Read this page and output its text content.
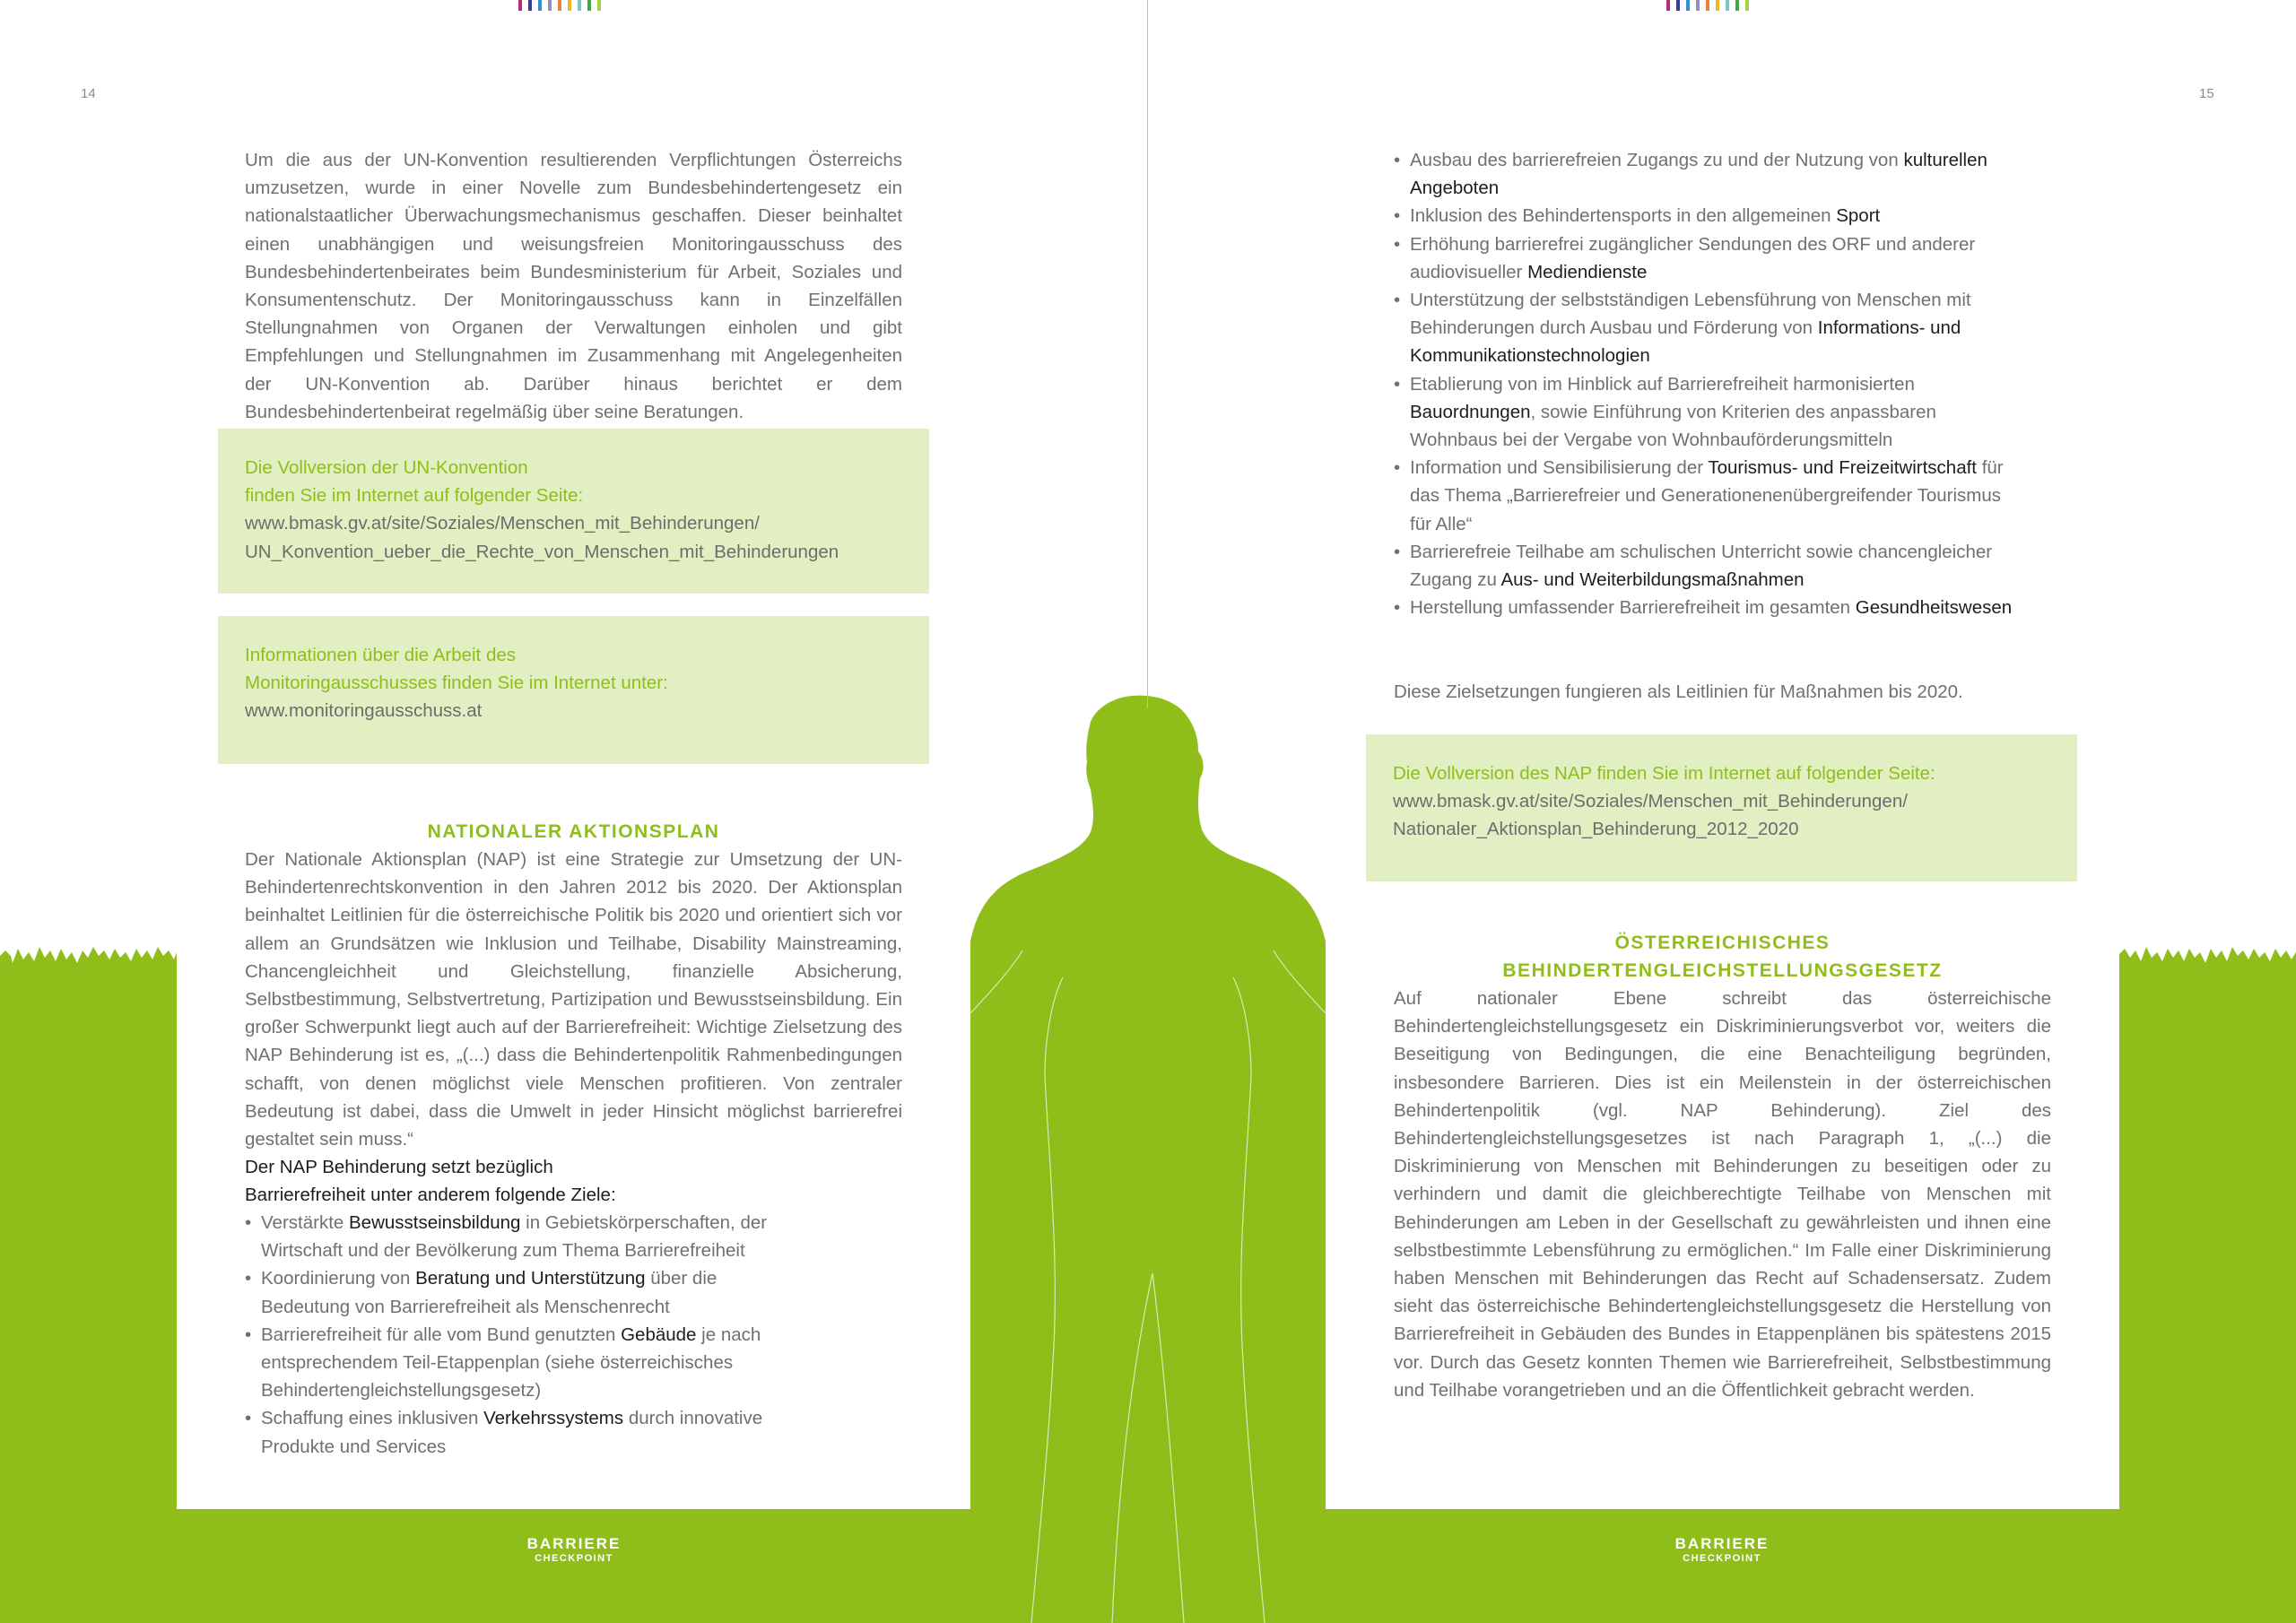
14	15

Um die aus der UN-Konvention resultierenden Verpflichtungen Österreichs umzusetzen, wurde in einer Novelle zum Bundesbehindertengesetz ein nationalstaatlicher Überwachungsmechanismus geschaffen. Dieser beinhaltet einen unabhängigen und weisungsfreien Monitoringausschuss des Bundesbehindertenbeirates beim Bundesministerium für Arbeit, Soziales und Konsumentenschutz. Der Monitoringausschuss kann in Einzelfällen Stellungnahmen von Organen der Verwaltungen einholen und gibt Empfehlungen und Stellungnahmen im Zusammenhang mit Angelegenheiten der UN-Konvention ab. Darüber hinaus berichtet er dem Bundesbehindertenbeirat regelmäßig über seine Beratungen.

Die Vollversion der UN-Konvention
finden Sie im Internet auf folgender Seite:
www.bmask.gv.at/site/Soziales/Menschen_mit_Behinderungen/
UN_Konvention_ueber_die_Rechte_von_Menschen_mit_Behinderungen
Informationen über die Arbeit des
Monitoringausschusses finden Sie im Internet unter:
www.monitoringausschuss.at
NATIONALER AKTIONSPLAN

Der Nationale Aktionsplan (NAP) ist eine Strategie zur Umsetzung der UN-Behindertenrechtskonvention in den Jahren 2012 bis 2020. Der Aktionsplan beinhaltet Leitlinien für die österreichische Politik bis 2020 und orientiert sich vor allem an Grundsätzen wie Inklusion und Teilhabe, Disability Mainstreaming, Chancengleichheit und Gleichstellung, finanzielle Absicherung, Selbstbestimmung, Selbstvertretung, Partizipation und Bewusstseinsbildung. Ein großer Schwerpunkt liegt auch auf der Barrierefreiheit: Wichtige Zielsetzung des NAP Behinderung ist es, „(...) dass die Behindertenpolitik Rahmenbedingungen schafft, von denen möglichst viele Menschen profitieren. Von zentraler Bedeutung ist dabei, dass die Umwelt in jeder Hinsicht möglichst barrierefrei gestaltet sein muss.“

Der NAP Behinderung setzt bezüglich
Barrierefreiheit unter anderem folgende Ziele:
• Verstärkte Bewusstseinsbildung in Gebietskörperschaften, der Wirtschaft und der Bevölkerung zum Thema Barrierefreiheit
• Koordinierung von Beratung und Unterstützung über die Bedeutung von Barrierefreiheit als Menschenrecht
• Barrierefreiheit für alle vom Bund genutzten Gebäude je nach entsprechendem Teil-Etappenplan (siehe österreichisches Behindertengleichstellungsgesetz)
• Schaffung eines inklusiven Verkehrssystems durch innovative Produkte und Services
BARRIERE
CHECKPOINT
• Ausbau des barrierefreien Zugangs zu und der Nutzung von kulturellen Angeboten
• Inklusion des Behindertensports in den allgemeinen Sport
• Erhöhung barrierefrei zugänglicher Sendungen des ORF und anderer audiovisueller Mediendienste
• Unterstützung der selbstständigen Lebensführung von Menschen mit Behinderungen durch Ausbau und Förderung von Informations- und Kommunikationstechnologien
• Etablierung von im Hinblick auf Barrierefreiheit harmonisierten Bauordnungen, sowie Einführung von Kriterien des anpassbaren Wohnbaus bei der Vergabe von Wohnbauförderungsmitteln
• Information und Sensibilisierung der Tourismus- und Freizeitwirtschaft für das Thema „Barrierefreier und Generationenenübergreifender Tourismus für Alle“
• Barrierefreie Teilhabe am schulischen Unterricht sowie chancengleicher Zugang zu Aus- und Weiterbildungsmaßnahmen
• Herstellung umfassender Barrierefreiheit im gesamten Gesundheitswesen

Diese Zielsetzungen fungieren als Leitlinien für Maßnahmen bis 2020.

Die Vollversion des NAP finden Sie im Internet auf folgender Seite:
www.bmask.gv.at/site/Soziales/Menschen_mit_Behinderungen/
Nationaler_Aktionsplan_Behinderung_2012_2020
ÖSTERREICHISCHES
BEHINDERTENGLEICHSTELLUNGSGESETZ

Auf nationaler Ebene schreibt das österreichische Behindertengleichstellungsgesetz ein Diskriminierungsverbot vor, weiters die Beseitigung von Bedingungen, die eine Benachteiligung begründen, insbesondere Barrieren. Dies ist ein Meilenstein in der österreichischen Behindertenpolitik (vgl. NAP Behinderung). Ziel des Behindertengleichstellungsgesetzes ist nach Paragraph 1, „(...) die Diskriminierung von Menschen mit Behinderungen zu beseitigen oder zu verhindern und damit die gleichberechtigte Teilhabe von Menschen mit Behinderungen am Leben in der Gesellschaft zu gewährleisten und ihnen eine selbstbestimmte Lebensführung zu ermöglichen.“ Im Falle einer Diskriminierung haben Menschen mit Behinderungen das Recht auf Schadensersatz. Zudem sieht das österreichische Behindertengleichstellungsgesetz die Herstellung von Barrierefreiheit in Gebäuden des Bundes in Etappenplänen bis spätestens 2015 vor. Durch das Gesetz konnten Themen wie Barrierefreiheit, Selbstbestimmung und Teilhabe vorangetrieben und an die Öffentlichkeit gebracht werden.

BARRIERE
CHECKPOINT
